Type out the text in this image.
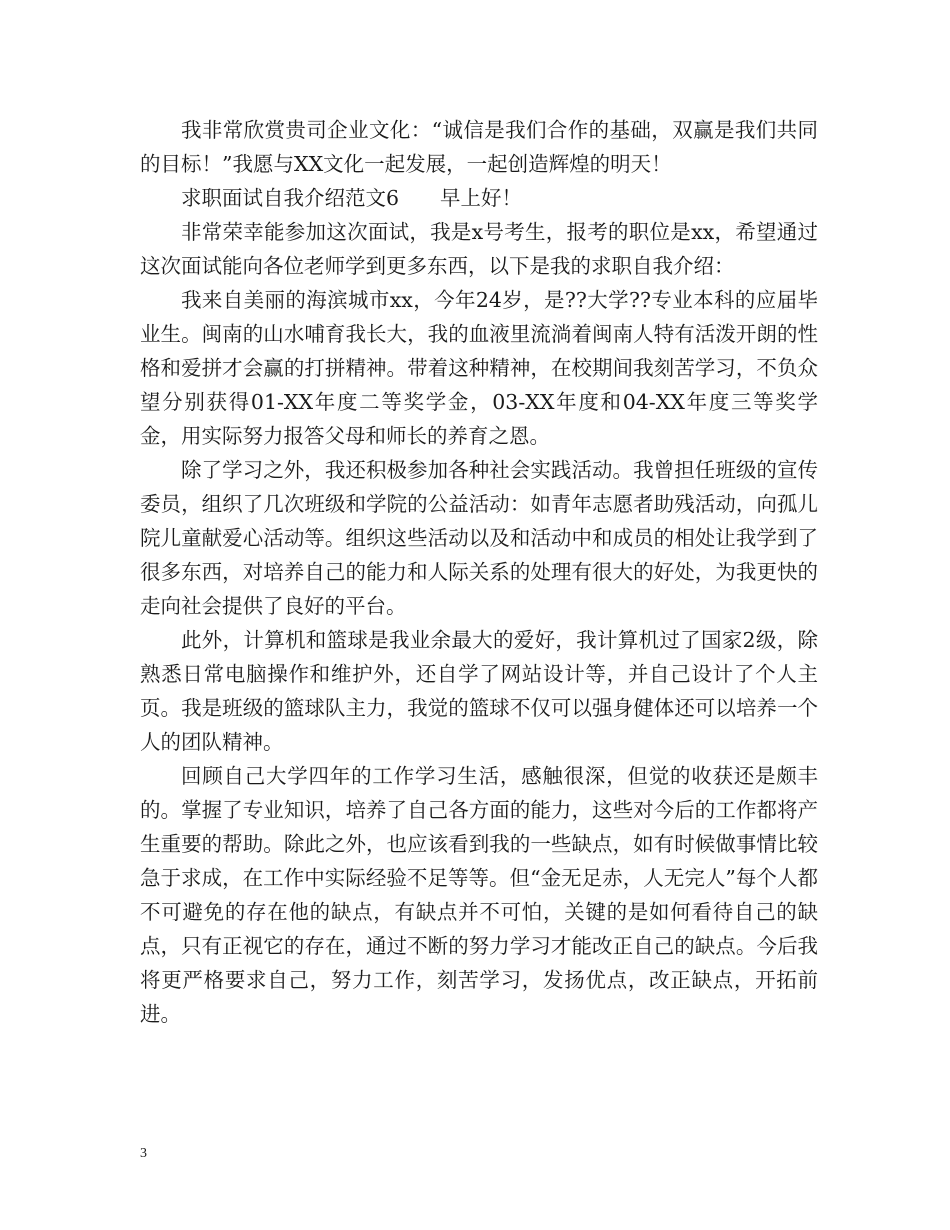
我非常欣赏贵司企业文化：“诚信是我们合作的基础，双赢是我们共同的目标！”我愿与XX文化一起发展，一起创造辉煌的明天！

求职面试自我介绍范文6　　早上好！

非常荣幸能参加这次面试，我是x号考生，报考的职位是xx，希望通过这次面试能向各位老师学到更多东西，以下是我的求职自我介绍：

我来自美丽的海滨城市xx，今年24岁，是??大学??专业本科的应届毕业生。闽南的山水哺育我长大，我的血液里流淌着闽南人特有活泼开朗的性格和爱拼才会赢的打拼精神。带着这种精神，在校期间我刻苦学习，不负众望分别获得01-XX年度二等奖学金，03-XX年度和04-XX年度三等奖学金，用实际努力报答父母和师长的养育之恩。

除了学习之外，我还积极参加各种社会实践活动。我曾担任班级的宣传委员，组织了几次班级和学院的公益活动：如青年志愿者助残活动，向孤儿院儿童献爱心活动等。组织这些活动以及和活动中和成员的相处让我学到了很多东西，对培养自己的能力和人际关系的处理有很大的好处，为我更快的走向社会提供了良好的平台。

此外，计算机和篮球是我业余最大的爱好，我计算机过了国家2级，除熟悉日常电脑操作和维护外，还自学了网站设计等，并自己设计了个人主页。我是班级的篮球队主力，我觉的篮球不仅可以强身健体还可以培养一个人的团队精神。

回顾自己大学四年的工作学习生活，感触很深，但觉的收获还是颇丰的。掌握了专业知识，培养了自己各方面的能力，这些对今后的工作都将产生重要的帮助。除此之外，也应该看到我的一些缺点，如有时候做事情比较急于求成，在工作中实际经验不足等等。但“金无足赤，人无完人”每个人都不可避免的存在他的缺点，有缺点并不可怕，关键的是如何看待自己的缺点，只有正视它的存在，通过不断的努力学习才能改正自己的缺点。今后我将更严格要求自己，努力工作，刻苦学习，发扬优点，改正缺点，开拓前进。

3
